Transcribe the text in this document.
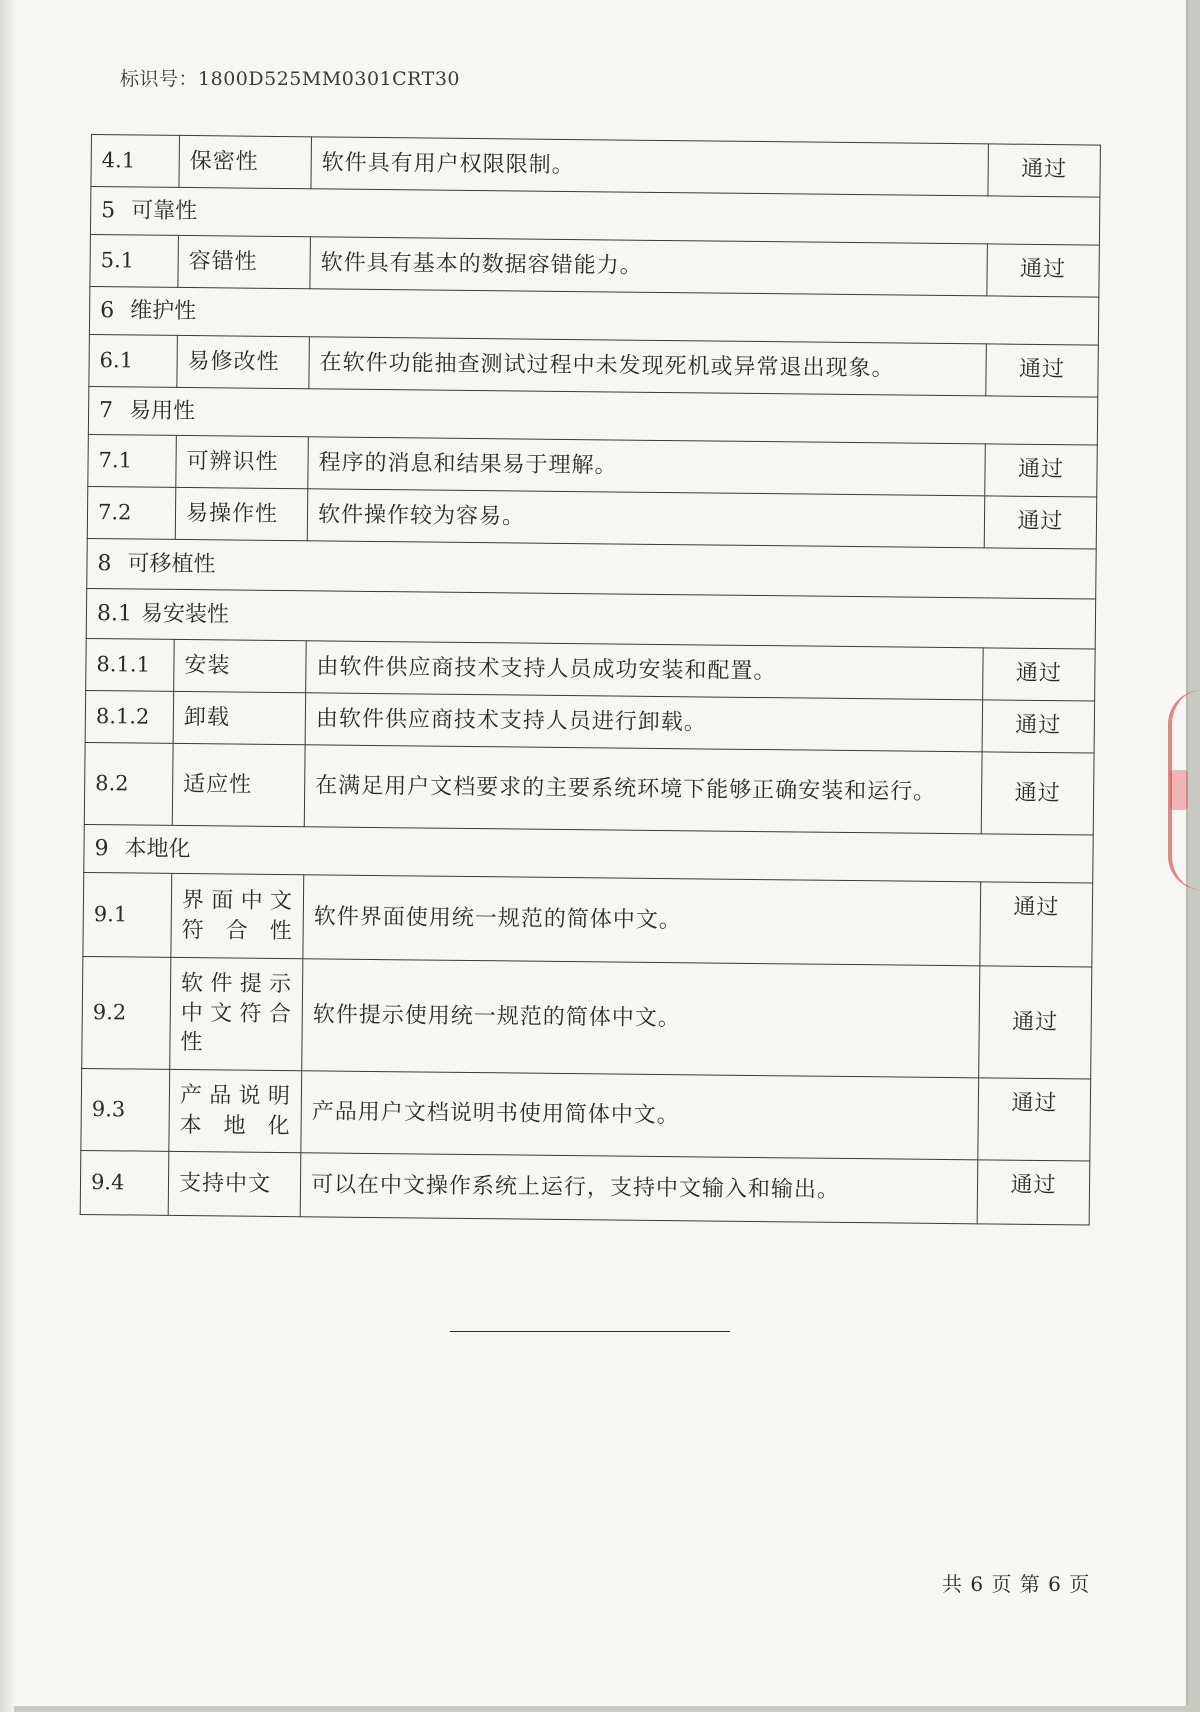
标识号：1800D525MM0301CRT30
4.1	保密性	软件具有用户权限限制。	通过
5 可靠性			
5.1	容错性	软件具有基本的数据容错能力。	通过
6 维护性			
6.1	易修改性	在软件功能抽查测试过程中未发现死机或异常退出现象。	通过
7 易用性			
7.1	可辨识性	程序的消息和结果易于理解。	通过
7.2	易操作性	软件操作较为容易。	通过
8 可移植性			
8.1 易安装性			
8.1.1	安装	由软件供应商技术支持人员成功安装和配置。	通过
8.1.2	卸载	由软件供应商技术支持人员进行卸载。	通过
8.2	适应性	在满足用户文档要求的主要系统环境下能够正确安装和运行。	通过
9 本地化			
9.1	界面中文符合性	软件界面使用统一规范的简体中文。	通过
9.2	软件提示中文符合性	软件提示使用统一规范的简体中文。	通过
9.3	产品说明本地化	产品用户文档说明书使用简体中文。	通过
9.4	支持中文	可以在中文操作系统上运行，支持中文输入和输出。	通过
共 6 页 第 6 页
